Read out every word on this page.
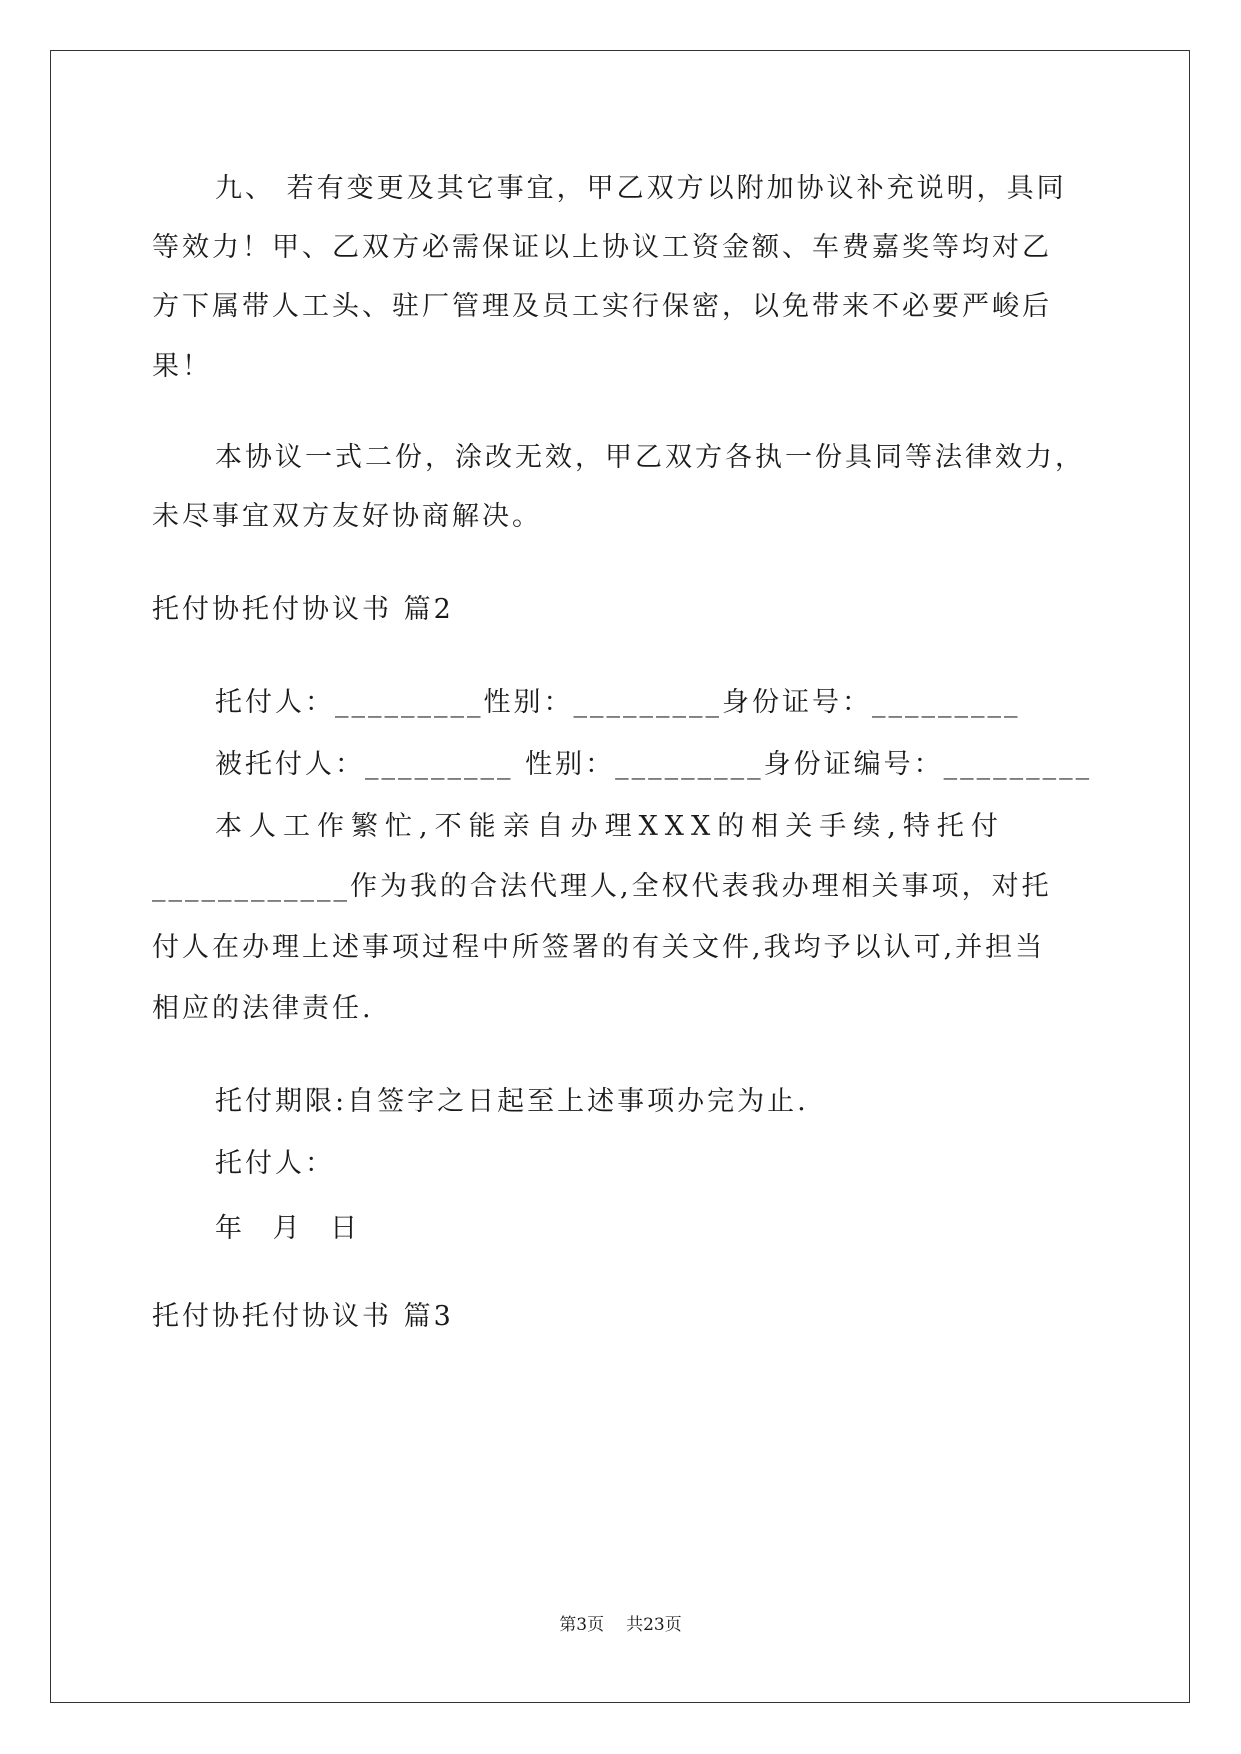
九、 若有变更及其它事宜，甲乙双方以附加协议补充说明，具同
等效力！甲、乙双方必需保证以上协议工资金额、车费嘉奖等均对乙
方下属带人工头、驻厂管理及员工实行保密，以免带来不必要严峻后
果！
本协议一式二份，涂改无效，甲乙双方各执一份具同等法律效力，
未尽事宜双方友好协商解决。
托付协托付协议书 篇2
托付人：_________性别：_________身份证号：_________
被托付人：_________ 性别：_________身份证编号：_________
本人工作繁忙,不能亲自办理XXX的相关手续,特托付
____________作为我的合法代理人,全权代表我办理相关事项，对托
付人在办理上述事项过程中所签署的有关文件,我均予以认可,并担当
相应的法律责任.
托付期限:自签字之日起至上述事项办完为止.
托付人：
年 月 日
托付协托付协议书 篇3
第3页 共23页
